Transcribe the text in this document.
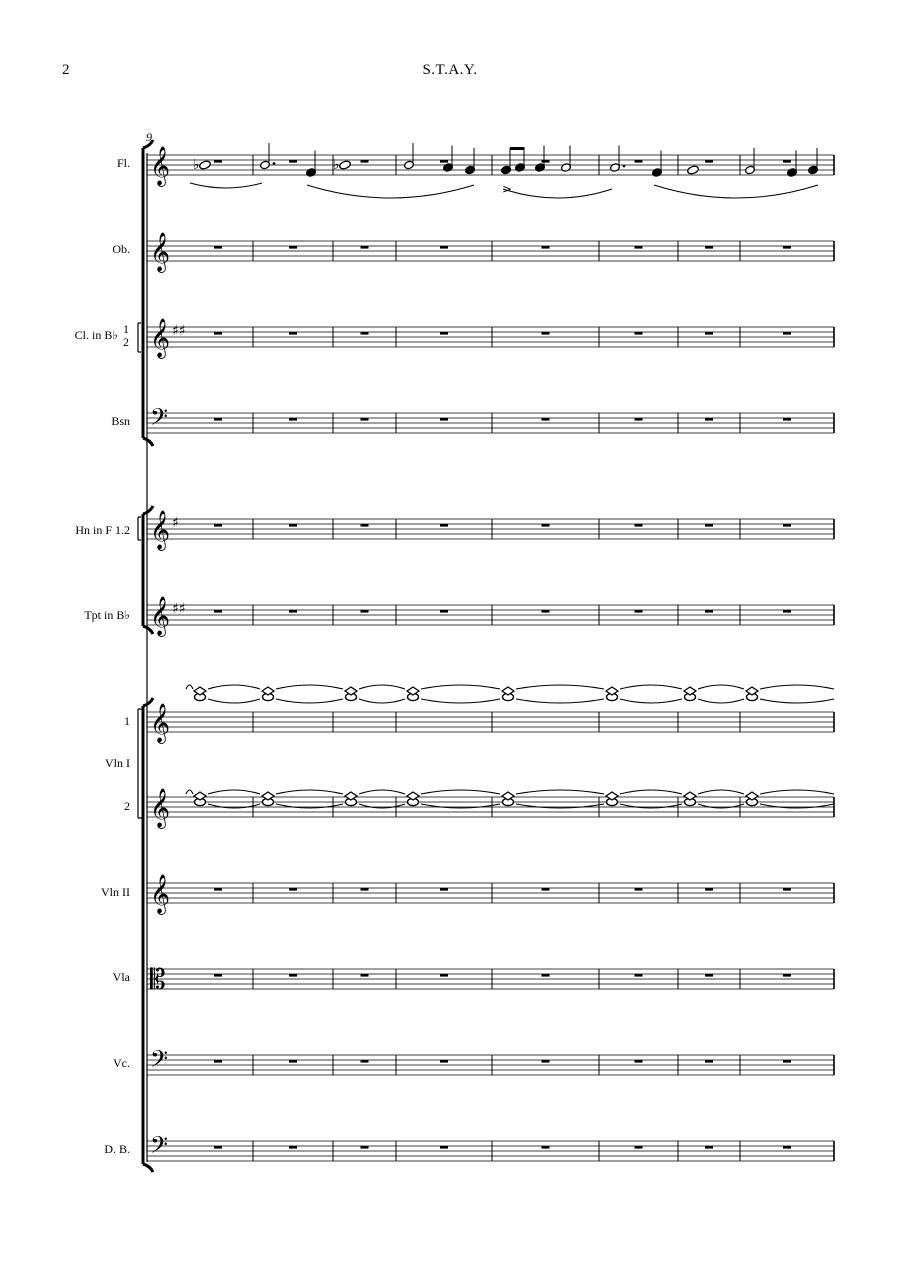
2	S.T.A.Y.
9
Fl.
Ob.
Cl. in B♭ 1
2
Bsn
Hn in F 1.2
Tpt in B♭
1
Vln I
2
Vln II
Vla
Vc.
D. B.
𝄞
𝄞
𝄞 ♯♯
𝄢
𝄞 ♯
𝄞 ♯♯
𝄞
𝄞
𝄞
𝄡
𝄢
𝄢
♭	♭
>
